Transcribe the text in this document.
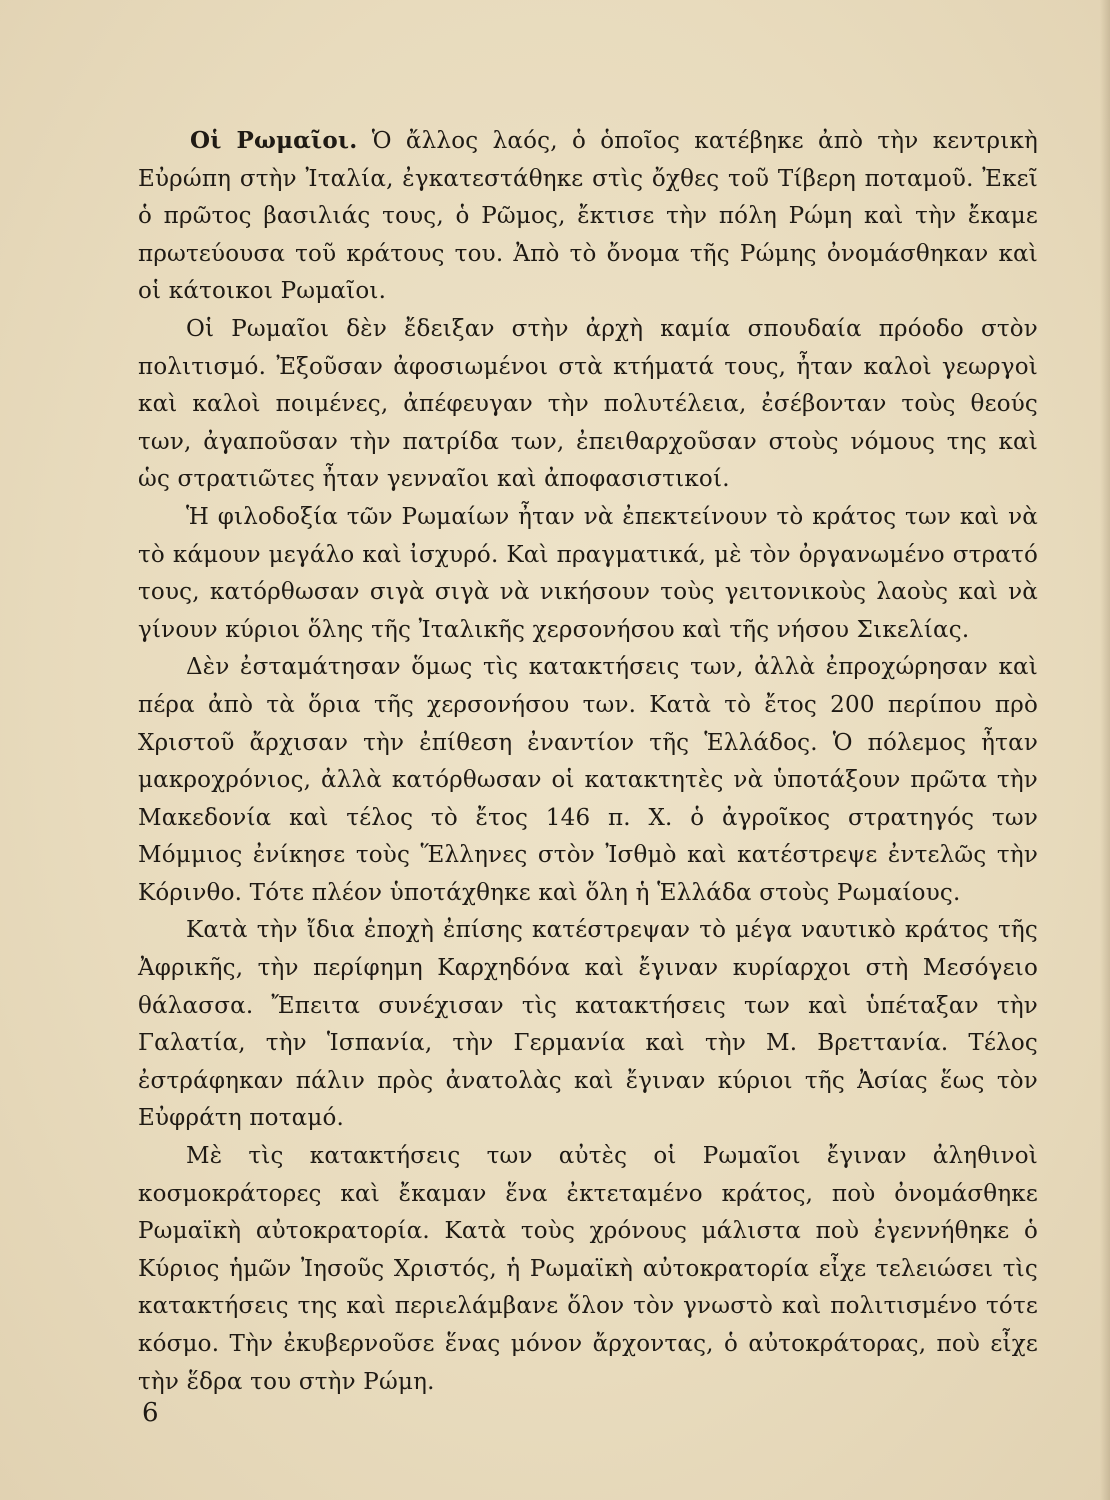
Οἱ Ρωμαῖοι. Ὁ ἄλλος λαός, ὁ ὁποῖος κατέβηκε ἀπὸ τὴν κεντρικὴ Εὐρώπη στὴν Ἰταλία, ἐγκατεστάθηκε στὶς ὄχθες τοῦ Τίβερη ποταμοῦ. Ἐκεῖ ὁ πρῶτος βασιλιάς τους, ὁ Ρῶμος, ἔκτισε τὴν πόλη Ρώμη καὶ τὴν ἔκαμε πρωτεύουσα τοῦ κράτους του. Ἀπὸ τὸ ὄνομα τῆς Ρώμης ὀνομάσθηκαν καὶ οἱ κάτοικοι Ρωμαῖοι.

Οἱ Ρωμαῖοι δὲν ἔδειξαν στὴν ἀρχὴ καμία σπουδαία πρόοδο στὸν πολιτισμό. Ἐξοῦσαν ἀφοσιωμένοι στὰ κτήματά τους, ἦταν καλοὶ γεωργοὶ καὶ καλοὶ ποιμένες, ἀπέφευγαν τὴν πολυτέλεια, ἐσέβονταν τοὺς θεούς των, ἀγαποῦσαν τὴν πατρίδα των, ἐπειθαρχοῦσαν στοὺς νόμους της καὶ ὡς στρατιῶτες ἦταν γενναῖοι καὶ ἀποφασιστικοί.

Ἡ φιλοδοξία τῶν Ρωμαίων ἦταν νὰ ἐπεκτείνουν τὸ κράτος των καὶ νὰ τὸ κάμουν μεγάλο καὶ ἰσχυρό. Καὶ πραγματικά, μὲ τὸν ὀργανωμένο στρατό τους, κατόρθωσαν σιγὰ σιγὰ νὰ νικήσουν τοὺς γειτονικοὺς λαοὺς καὶ νὰ γίνουν κύριοι ὅλης τῆς Ἰταλικῆς χερσονήσου καὶ τῆς νήσου Σικελίας.

Δὲν ἐσταμάτησαν ὅμως τὶς κατακτήσεις των, ἀλλὰ ἐπροχώρησαν καὶ πέρα ἀπὸ τὰ ὅρια τῆς χερσονήσου των. Κατὰ τὸ ἔτος 200 περίπου πρὸ Χριστοῦ ἄρχισαν τὴν ἐπίθεση ἐναντίον τῆς Ἑλλάδος. Ὁ πόλεμος ἦταν μακροχρόνιος, ἀλλὰ κατόρθωσαν οἱ κατακτητὲς νὰ ὑποτάξουν πρῶτα τὴν Μακεδονία καὶ τέλος τὸ ἔτος 146 π. Χ. ὁ ἀγροῖκος στρατηγός των Μόμμιος ἐνίκησε τοὺς Ἕλληνες στὸν Ἰσθμὸ καὶ κατέστρεψε ἐντελῶς τὴν Κόρινθο. Τότε πλέον ὑποτάχθηκε καὶ ὅλη ἡ Ἑλλάδα στοὺς Ρωμαίους.

Κατὰ τὴν ἴδια ἐποχὴ ἐπίσης κατέστρεψαν τὸ μέγα ναυτικὸ κράτος τῆς Ἀφρικῆς, τὴν περίφημη Καρχηδόνα καὶ ἔγιναν κυρίαρχοι στὴ Μεσόγειο θάλασσα. Ἔπειτα συνέχισαν τὶς κατακτήσεις των καὶ ὑπέταξαν τὴν Γαλατία, τὴν Ἱσπανία, τὴν Γερμανία καὶ τὴν Μ. Βρεττανία. Τέλος ἐστράφηκαν πάλιν πρὸς ἀνατολὰς καὶ ἔγιναν κύριοι τῆς Ἀσίας ἕως τὸν Εὐφράτη ποταμό.

Μὲ τὶς κατακτήσεις των αὐτὲς οἱ Ρωμαῖοι ἔγιναν ἀληθινοὶ κοσμοκράτορες καὶ ἔκαμαν ἕνα ἐκτεταμένο κράτος, ποὺ ὀνομάσθηκε Ρωμαϊκὴ αὐτοκρατορία. Κατὰ τοὺς χρόνους μάλιστα ποὺ ἐγεννήθηκε ὁ Κύριος ἡμῶν Ἰησοῦς Χριστός, ἡ Ρωμαϊκὴ αὐτοκρατορία εἶχε τελειώσει τὶς κατακτήσεις της καὶ περιελάμβανε ὅλον τὸν γνωστὸ καὶ πολιτισμένο τότε κόσμο. Τὴν ἐκυβερνοῦσε ἕνας μόνον ἄρχοντας, ὁ αὐτοκράτορας, ποὺ εἶχε τὴν ἕδρα του στὴν Ρώμη.

6
